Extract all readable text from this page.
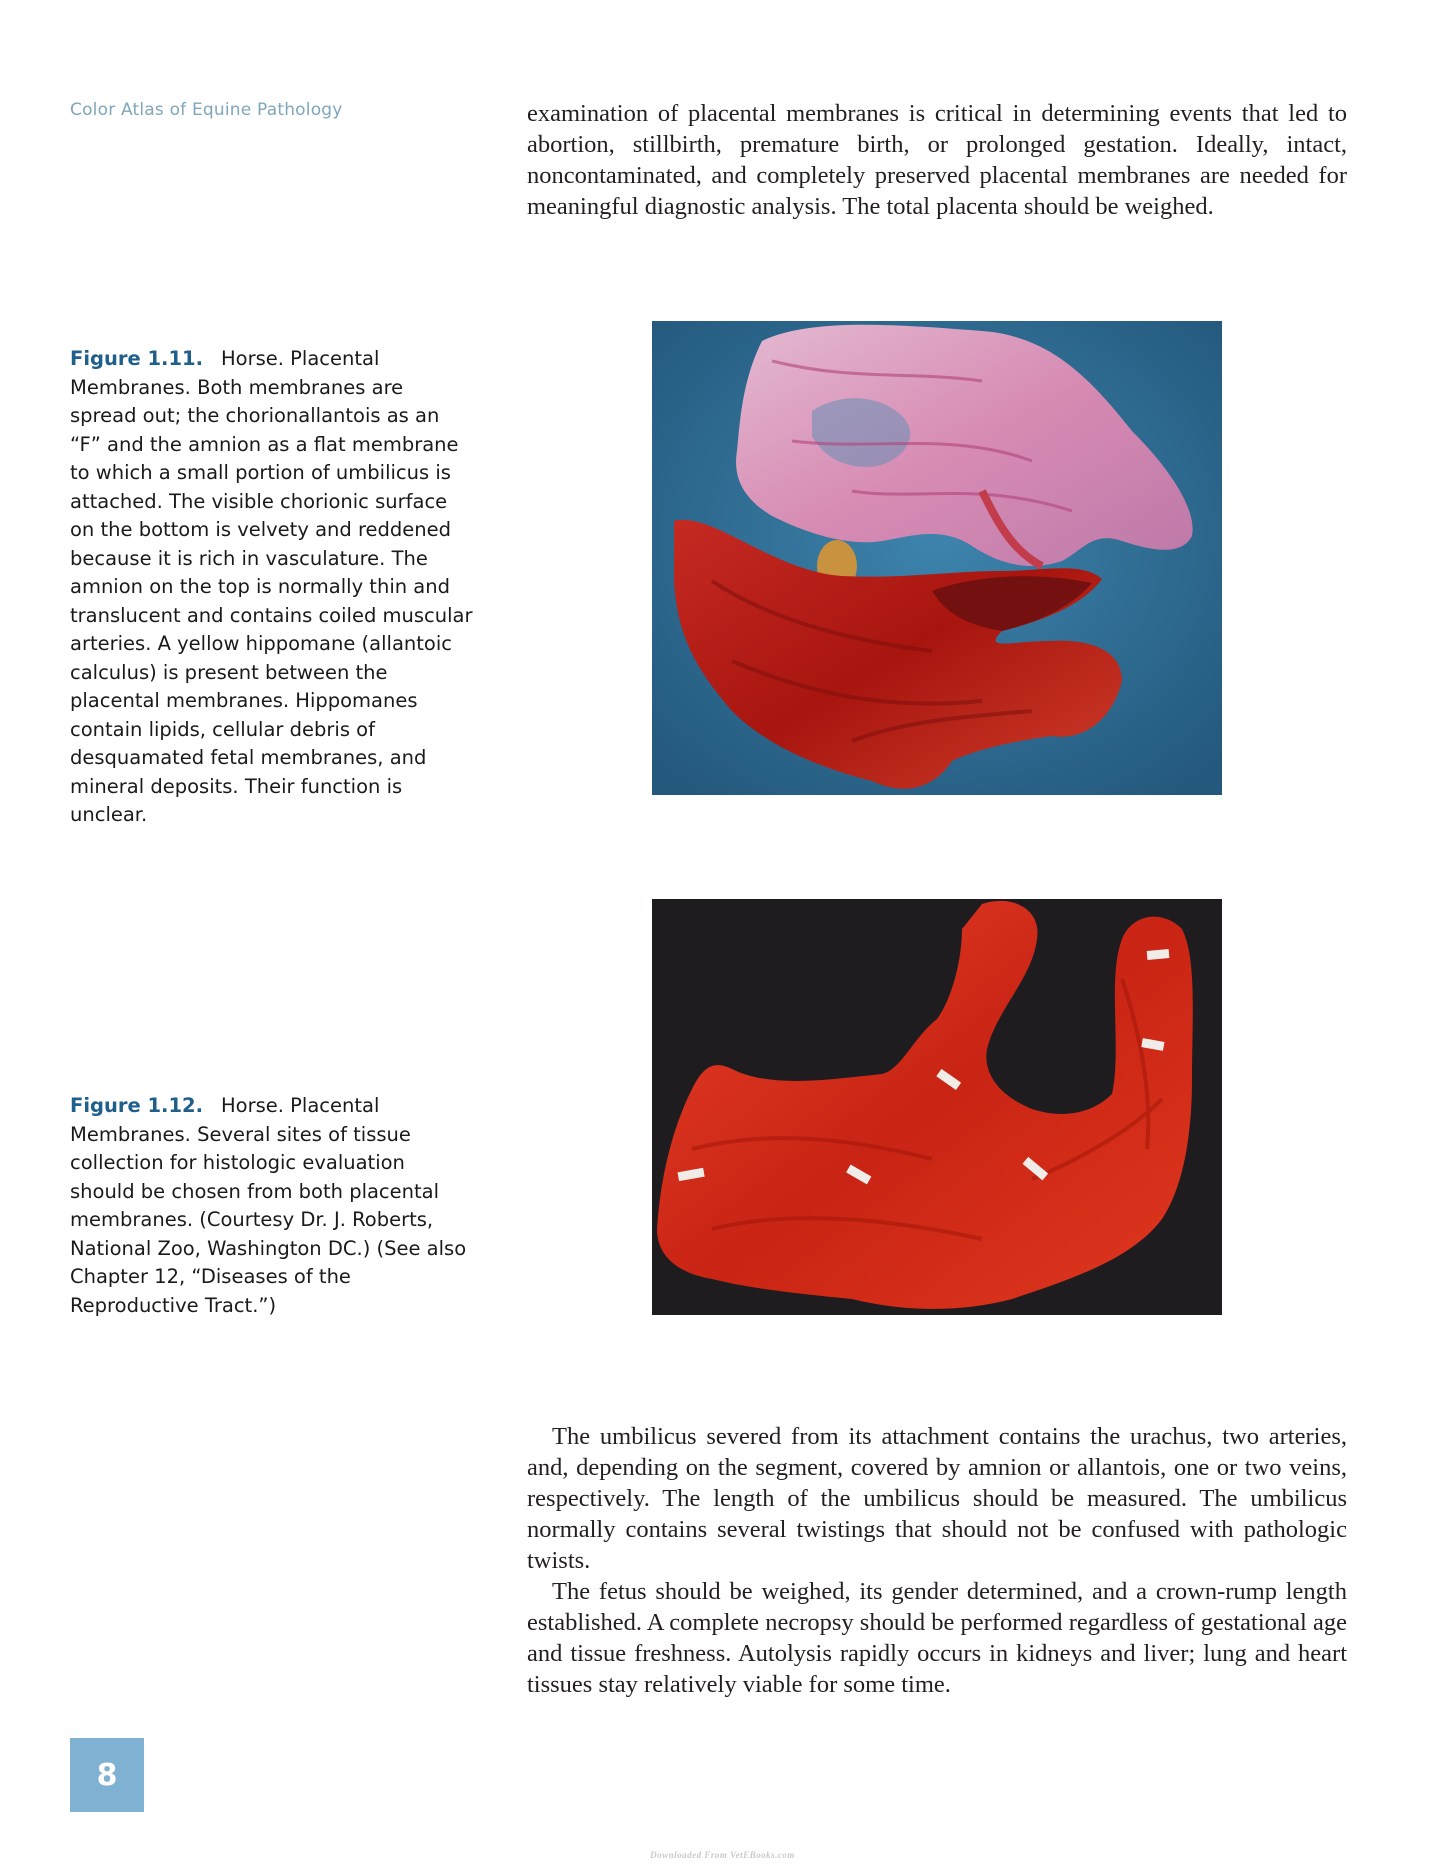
Color Atlas of Equine Pathology	examination of placental membranes is critical in determining events that led to abortion, stillbirth, premature birth, or prolonged gestation. Ideally, intact, noncontaminated, and completely preserved placental membranes are needed for meaningful diagnostic analysis. The total placenta should be weighed.

Figure 1.11. Horse. Placental Membranes. Both membranes are spread out; the chorionallantois as an “F” and the amnion as a flat membrane to which a small portion of umbilicus is attached. The visible chorionic surface on the bottom is velvety and reddened because it is rich in vasculature. The amnion on the top is normally thin and translucent and contains coiled muscular arteries. A yellow hippomane (allantoic calculus) is present between the placental membranes. Hippomanes contain lipids, cellular debris of desquamated fetal membranes, and mineral deposits. Their function is unclear.
Figure 1.12. Horse. Placental Membranes. Several sites of tissue collection for histologic evaluation should be chosen from both placental membranes. (Courtesy Dr. J. Roberts, National Zoo, Washington DC.) (See also Chapter 12, “Diseases of the Reproductive Tract.”)

The umbilicus severed from its attachment contains the urachus, two arteries, and, depending on the segment, covered by amnion or allantois, one or two veins, respectively. The length of the umbilicus should be measured. The umbilicus normally contains several twistings that should not be confused with pathologic twists.

The fetus should be weighed, its gender determined, and a crown-rump length established. A complete necropsy should be performed regardless of gestational age and tissue freshness. Autolysis rapidly occurs in kidneys and liver; lung and heart tissues stay relatively viable for some time.

8
Downloaded From VetEBooks.com
